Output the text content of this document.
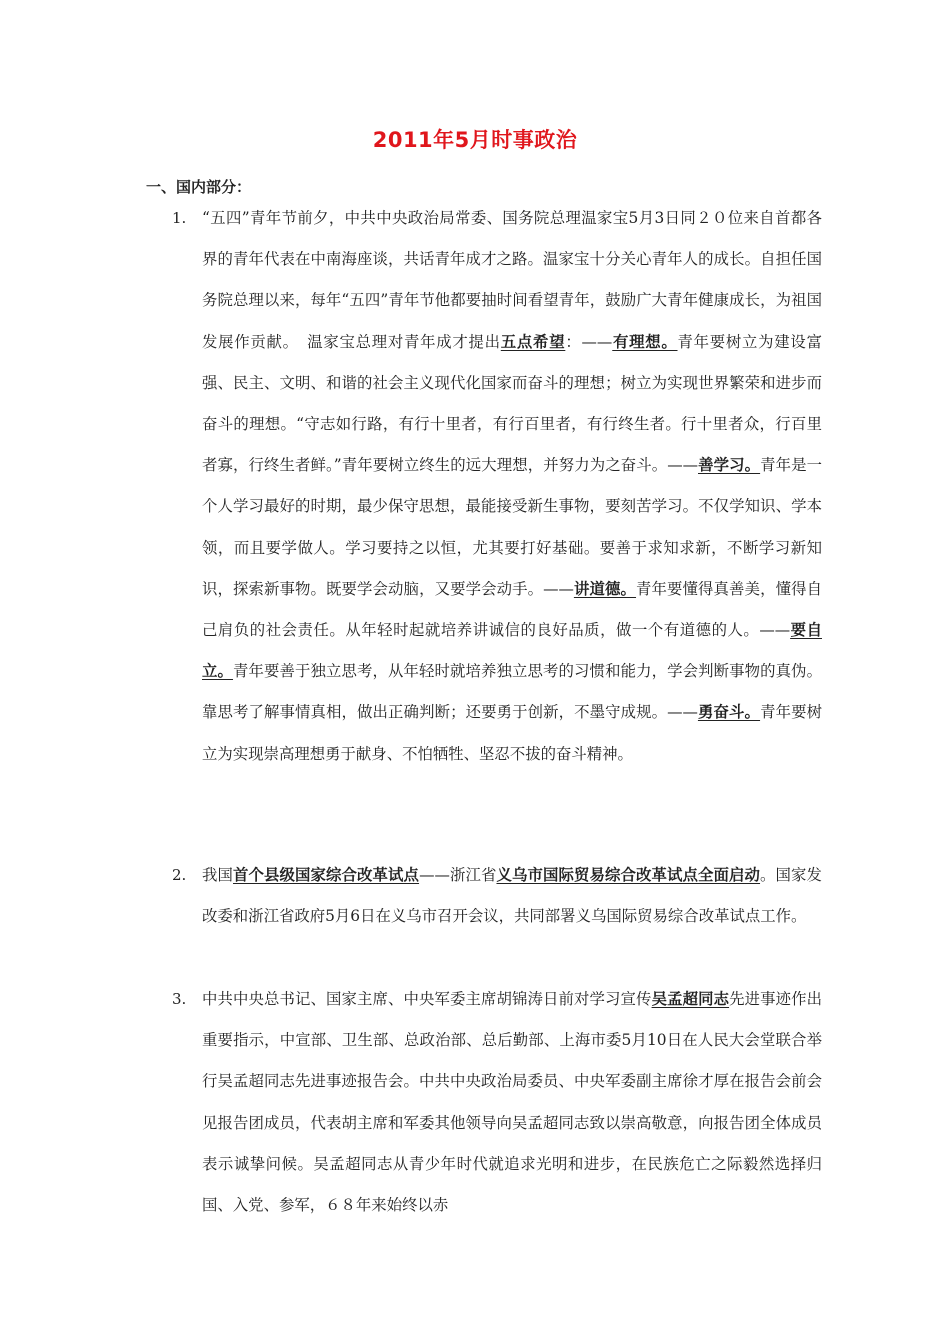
2011年5月时事政治
一、国内部分：
1. “五四”青年节前夕，中共中央政治局常委、国务院总理温家宝5月3日同２０位来自首都各界的青年代表在中南海座谈，共话青年成才之路。温家宝十分关心青年人的成长。自担任国务院总理以来，每年“五四”青年节他都要抽时间看望青年，鼓励广大青年健康成长，为祖国发展作贡献。　温家宝总理对青年成才提出五点希望：——有理想。青年要树立为建设富强、民主、文明、和谐的社会主义现代化国家而奋斗的理想；树立为实现世界繁荣和进步而奋斗的理想。“守志如行路，有行十里者，有行百里者，有行终生者。行十里者众，行百里者寡，行终生者鲜。”青年要树立终生的远大理想，并努力为之奋斗。——善学习。青年是一个人学习最好的时期，最少保守思想，最能接受新生事物，要刻苦学习。不仅学知识、学本领，而且要学做人。学习要持之以恒，尤其要打好基础。要善于求知求新，不断学习新知识，探索新事物。既要学会动脑，又要学会动手。——讲道德。青年要懂得真善美，懂得自己肩负的社会责任。从年轻时起就培养讲诚信的良好品质，做一个有道德的人。——要自立。青年要善于独立思考，从年轻时就培养独立思考的习惯和能力，学会判断事物的真伪。靠思考了解事情真相，做出正确判断；还要勇于创新，不墨守成规。——勇奋斗。青年要树立为实现崇高理想勇于献身、不怕牺牲、坚忍不拔的奋斗精神。
2. 我国首个县级国家综合改革试点——浙江省义乌市国际贸易综合改革试点全面启动。国家发改委和浙江省政府5月6日在义乌市召开会议，共同部署义乌国际贸易综合改革试点工作。
3. 中共中央总书记、国家主席、中央军委主席胡锦涛日前对学习宣传吴孟超同志先进事迹作出重要指示，中宣部、卫生部、总政治部、总后勤部、上海市委5月10日在人民大会堂联合举行吴孟超同志先进事迹报告会。中共中央政治局委员、中央军委副主席徐才厚在报告会前会见报告团成员，代表胡主席和军委其他领导向吴孟超同志致以崇高敬意，向报告团全体成员表示诚挚问候。吴孟超同志从青少年时代就追求光明和进步，在民族危亡之际毅然选择归国、入党、参军，６８年来始终以赤
